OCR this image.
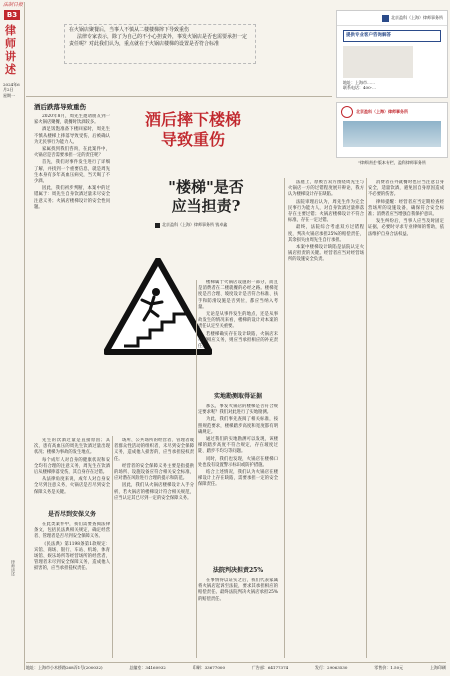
法制日报
B3
律师讲述
2024年6月2日
星期一
在火锅店聚餐后，当事人不慎从二楼楼梯摔下导致重伤
法律专家表示，除了为自己的不小心担责外，事发火锅店是否也需要承担一定责任呢？对此我们认为，重点就在于火锅店楼梯的设置是否符合标准
北京盈科（上海）律师事务所
提供专业客户咨询解答
地址：上海市……
联系电话：400-…
北京盈科（上海）律师事务所
"律师讲述"版本专栏，盈科律师事务所
酒后跌落导致重伤

2020年8月，周先生邀请朋友到一家火锅店聚餐，就餐时饮酒较多。

酒足饭饱准备下楼回家时，周先生不慎从楼梯上摔落导致受伤，后被确认为无民事行为能力人。

家属找到我们咨询，在此案件中，火锅店是否需要承担一定的责任呢？

首先，我们对事件发生进行了详细了解，并找到一个重要信息，就是周先生本身有多年高血压病史，当天喝了不少酒。

因此，我们初步判断，本案中的过错属于：周先生自身饮酒过量未尽安全注意义务；火锅店楼梯设计的安全性问题。

酒后摔下楼梯
导致重伤
"楼梯"是否
应当担责?
北京盈科（上海）律师事务所 钱卓鑫

先生的饮酒过量是直接原因；其次，患有高血压的周先生饮酒过量出现状况；楼梯为事故的发生地点。

每个成年人对自身的健康状况和安全均有合理的注意义务，周先生在饮酒后从楼梯摔落受伤，其自身存在过错。

从法律角度来说，成年人对自身安全尽到注意义务，火锅店是否尽到安全保障义务是关键。

是否尽到安保义务

在此类案件中，我们需要查阅法律条文，包括民法典相关规定，确定经营者、管理者是否尽到安全保障义务。

《民法典》第1198条第1款规定：宾馆、商场、银行、车站、机场、体育场馆、娱乐场所等经营场所的经营者、管理者未尽到安全保障义务，造成他人损害的，应当承担侵权责任。

场所、公共场所的经营者、管理者或者群众性活动的组织者，未尽到安全保障义务，造成他人损害的，应当承担侵权责任。

经营者的安全保障义务主要是指提供的场所、设施设备应符合相关安全标准，应对潜在风险进行合理的提示和防范。

因此，我们从火锅店楼梯设计入手分析，若火锅店的楼梯设计符合相关规范，应当认定其已尽到一定的安全保障义务。

楼梯属于火锅店设施的一部分，而且是消费者在二楼就餐的必经之路。楼梯宽度是否合理、坡度设计是否符合标准、扶手和防滑设施是否到位，都应当纳入考量。

无论是从事件发生的地点，还是从事故发生的情况来看，楼梯的设计对本案的责任认定至关重要。

若楼梯确实存在设计缺陷，火锅店未尽到相应义务，则应当承担相应的补充责任。

实地勘测取得证据

那么，事发火锅店的楼梯是否符合规定要求呢？我们对此进行了实地勘测。

为此，我们事先查阅了相关标准，按照规范要求，楼梯踏步高度和宽度都有明确规定。

通过我们的实地勘测可以发现，该楼梯的踏步高度不符合规定，存在坡度过陡、踏步不均匀等问题。

同时，我们也发现，火锅店在楼梯口处也没有设置警示标识或防护措施。

结合上述情况，我们认为火锅店在楼梯设计上存在缺陷，需要承担一定的安全保障责任。

法院判决担责25%

在事情得以证实之后，我们代表家属将火锅店起诉至法院，要求其承担相应的赔偿责任。最终法院判决火锅店承担25%的赔偿责任。

法庭上，原被告双方围绕周先生与火锅店一方的过错程度展开辩论，我方认为楼梯设计存在缺陷。

法院审理后认为，周先生作为完全民事行为能力人，对自身饮酒过量摔落存在主要过错；火锅店楼梯设计不符合标准，存在一定过错。

最终，法院综合考虑双方过错程度，判决火锅店承担25%的赔偿责任，其余损失由周先生自行承担。

本案中楼梯设计缺陷是法院认定火锅店担责的关键。经营者应当对经营场所的设施安全负责。

消费者在外就餐时也应当注意自身安全，适量饮酒，避免因自身原因造成不必要的伤害。

律师提醒：经营者应当定期检查经营场所的设施设备，确保符合安全标准；消费者应当增强自我保护意识。

发生纠纷后，当事人应当及时固定证据，必要时寻求专业律师的帮助，依法维护自身合法权益。

律师讲述
地址：上海市小木桥路268弄1号(200032)	总编室：34160932	印刷：33677000	广告部：64177374	发行：29063530	零售价：1.50元	上海印刷
